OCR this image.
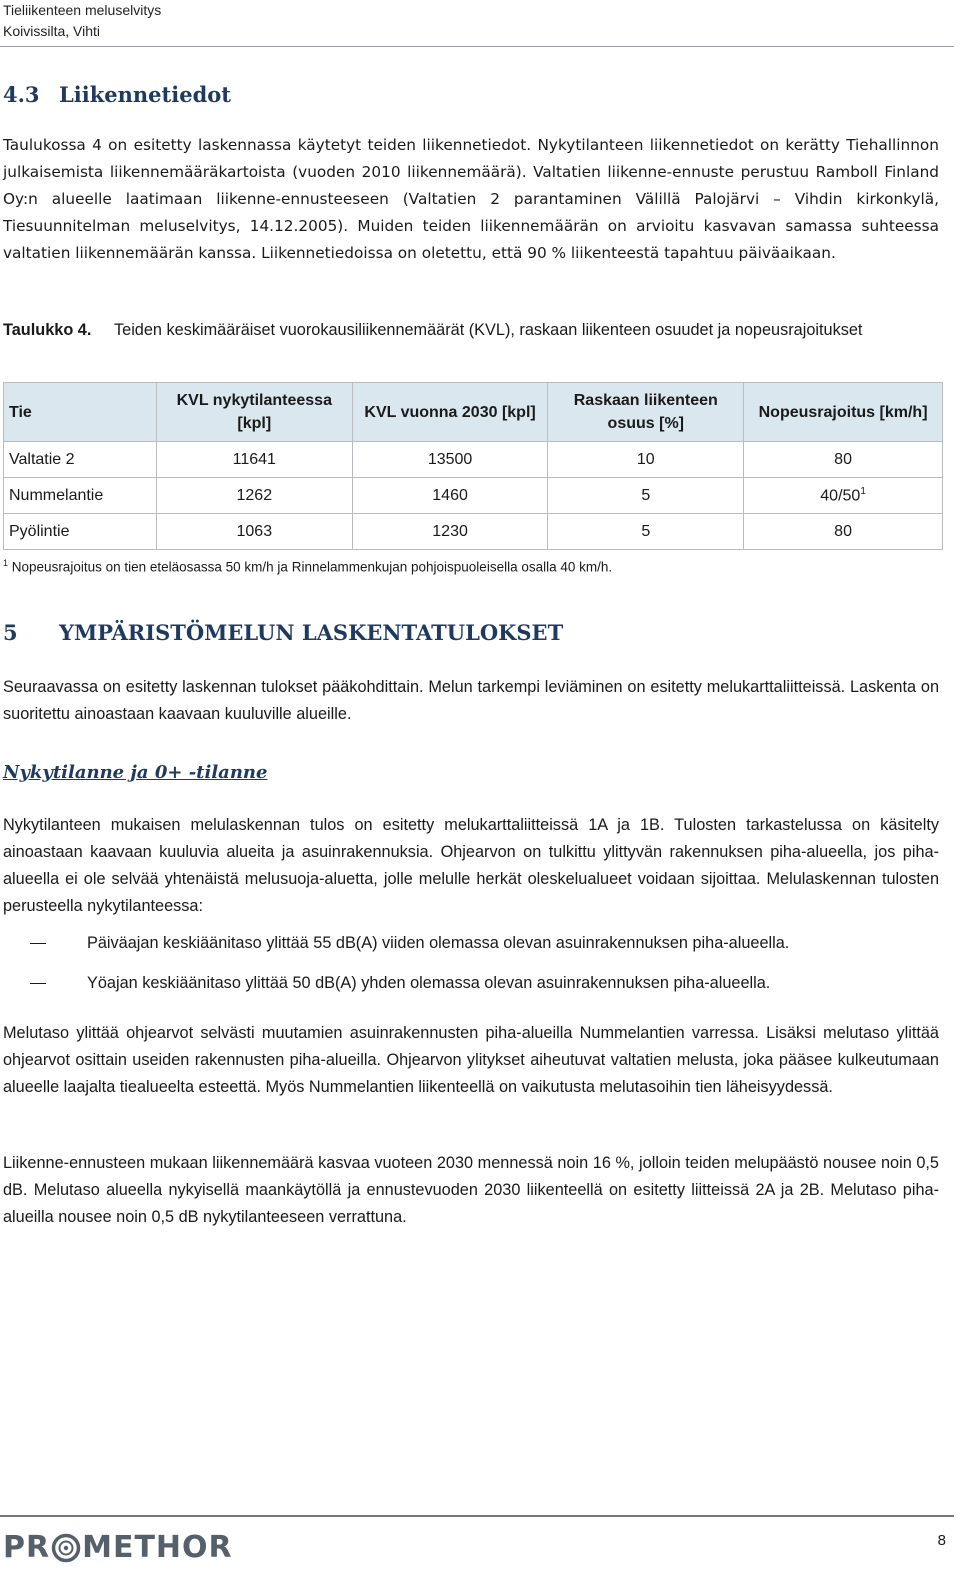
Tieliikenteen meluselvitys
Koivissilta, Vihti
4.3 Liikennetiedot

Taulukossa 4 on esitetty laskennassa käytetyt teiden liikennetiedot. Nykytilanteen liikennetiedot on kerätty Tiehallinnon julkaisemista liikennemääräkartoista (vuoden 2010 liikennemäärä). Valtatien liikenne-ennuste perustuu Ramboll Finland Oy:n alueelle laatimaan liikenne-ennusteeseen (Valtatien 2 parantaminen Välillä Palojärvi – Vihdin kirkonkylä, Tiesuunnitelman meluselvitys, 14.12.2005). Muiden teiden liikennemäärän on arvioitu kasvavan samassa suhteessa valtatien liikennemäärän kanssa. Liikennetiedoissa on oletettu, että 90 % liikenteestä tapahtuu päiväaikaan.

Taulukko 4. Teiden keskimääräiset vuorokausiliikennemäärät (KVL), raskaan liikenteen osuudet ja nopeusrajoitukset

Tie	KVL nykytilanteessa [kpl]	KVL vuonna 2030 [kpl]	Raskaan liikenteen osuus [%]	Nopeusrajoitus [km/h]
Valtatie 2	11641	13500	10	80
Nummelantie	1262	1460	5	$40/50^1$
Pyölintie	1063	1230	5	80
$^1$ Nopeusrajoitus on tien eteläosassa 50 km/h ja Rinnelammenkujan pohjoispuoleisella osalla 40 km/h.
5 YMPÄRISTÖMELUN LASKENTATULOKSET

Seuraavassa on esitetty laskennan tulokset pääkohdittain. Melun tarkempi leviäminen on esitetty melukarttaliitteissä. Laskenta on suoritettu ainoastaan kaavaan kuuluville alueille.

Nykytilanne ja 0+ -tilanne

Nykytilanteen mukaisen melulaskennan tulos on esitetty melukarttaliitteissä 1A ja 1B. Tulosten tarkastelussa on käsitelty ainoastaan kaavaan kuuluvia alueita ja asuinrakennuksia. Ohjearvon on tulkittu ylittyvän rakennuksen piha-alueella, jos piha-alueella ei ole selvää yhtenäistä melusuoja-aluetta, jolle melulle herkät oleskelualueet voidaan sijoittaa. Melulaskennan tulosten perusteella nykytilanteessa:

Päiväajan keskiäänitaso ylittää 55 dB(A) viiden olemassa olevan asuinrakennuksen piha-alueella.
Yöajan keskiäänitaso ylittää 50 dB(A) yhden olemassa olevan asuinrakennuksen piha-alueella.

Melutaso ylittää ohjearvot selvästi muutamien asuinrakennusten piha-alueilla Nummelantien varressa. Lisäksi melutaso ylittää ohjearvot osittain useiden rakennusten piha-alueilla. Ohjearvon ylitykset aiheutuvat valtatien melusta, joka pääsee kulkeutumaan alueelle laajalta tiealueelta esteettä. Myös Nummelantien liikenteellä on vaikutusta melutasoihin tien läheisyydessä.

Liikenne-ennusteen mukaan liikennemäärä kasvaa vuoteen 2030 mennessä noin 16 %, jolloin teiden melupäästö nousee noin 0,5 dB. Melutaso alueella nykyisellä maankäytöllä ja ennustevuoden 2030 liikenteellä on esitetty liitteissä 2A ja 2B. Melutaso piha-alueilla nousee noin 0,5 dB nykytilanteeseen verrattuna.

PR METHOR	8
